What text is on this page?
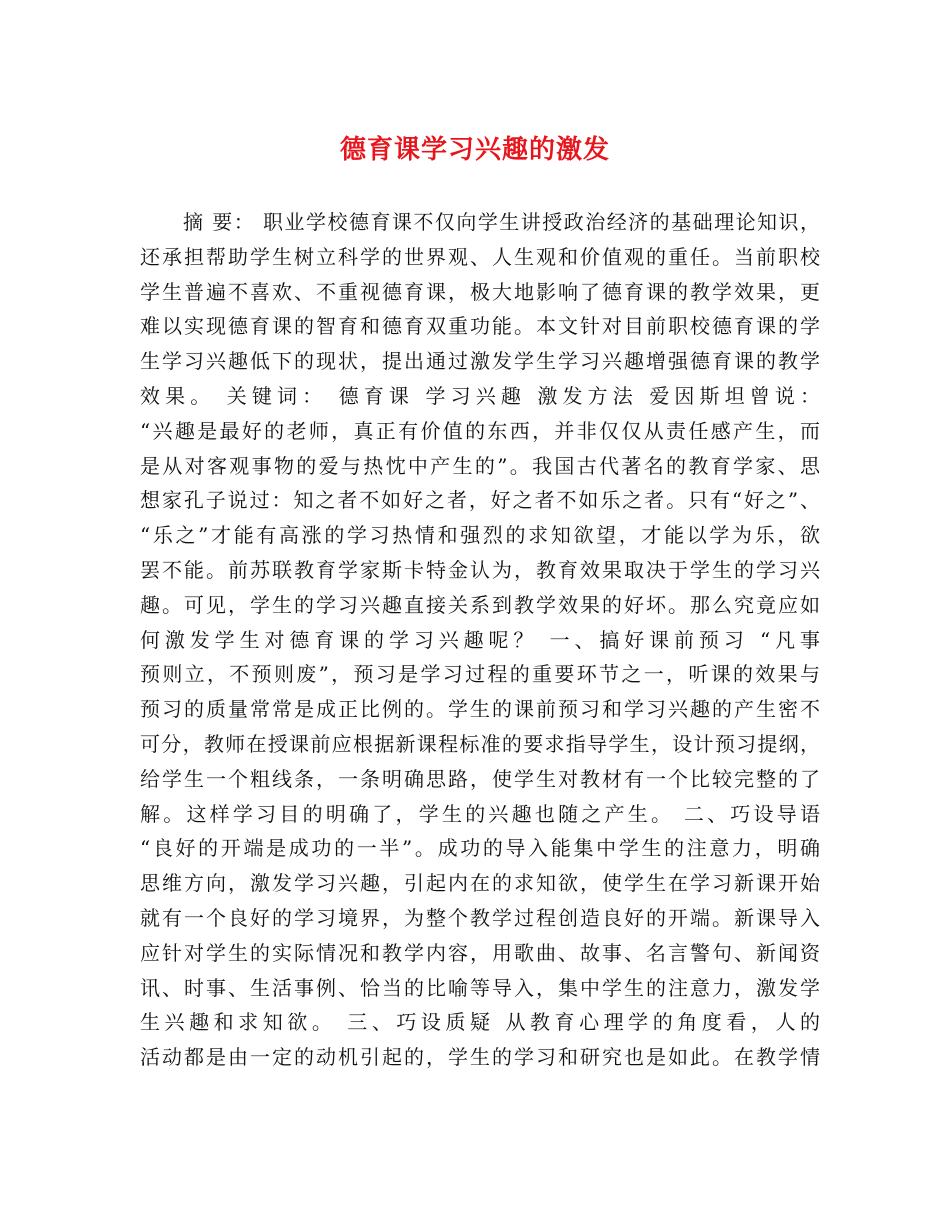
德育课学习兴趣的激发
　　摘 要： 职业学校德育课不仅向学生讲授政治经济的基础理论知识，
还承担帮助学生树立科学的世界观、人生观和价值观的重任。当前职校
学生普遍不喜欢、不重视德育课，极大地影响了德育课的教学效果，更
难以实现德育课的智育和德育双重功能。本文针对目前职校德育课的学
生学习兴趣低下的现状，提出通过激发学生学习兴趣增强德育课的教学
效果。 关键词： 德育课 学习兴趣 激发方法 爱因斯坦曾说：
“兴趣是最好的老师，真正有价值的东西，并非仅仅从责任感产生，而
是从对客观事物的爱与热忱中产生的”。我国古代著名的教育学家、思
想家孔子说过：知之者不如好之者，好之者不如乐之者。只有“好之”、
“乐之”才能有高涨的学习热情和强烈的求知欲望，才能以学为乐，欲
罢不能。前苏联教育学家斯卡特金认为，教育效果取决于学生的学习兴
趣。可见，学生的学习兴趣直接关系到教学效果的好坏。那么究竟应如
何激发学生对德育课的学习兴趣呢？ 一、搞好课前预习 “凡事
预则立，不预则废”，预习是学习过程的重要环节之一，听课的效果与
预习的质量常常是成正比例的。学生的课前预习和学习兴趣的产生密不
可分，教师在授课前应根据新课程标准的要求指导学生，设计预习提纲，
给学生一个粗线条，一条明确思路，使学生对教材有一个比较完整的了
解。这样学习目的明确了，学生的兴趣也随之产生。 二、巧设导语
“良好的开端是成功的一半”。成功的导入能集中学生的注意力，明确
思维方向，激发学习兴趣，引起内在的求知欲，使学生在学习新课开始
就有一个良好的学习境界，为整个教学过程创造良好的开端。新课导入
应针对学生的实际情况和教学内容，用歌曲、故事、名言警句、新闻资
讯、时事、生活事例、恰当的比喻等导入，集中学生的注意力，激发学
生兴趣和求知欲。 三、巧设质疑 从教育心理学的角度看，人的
活动都是由一定的动机引起的，学生的学习和研究也是如此。在教学情
